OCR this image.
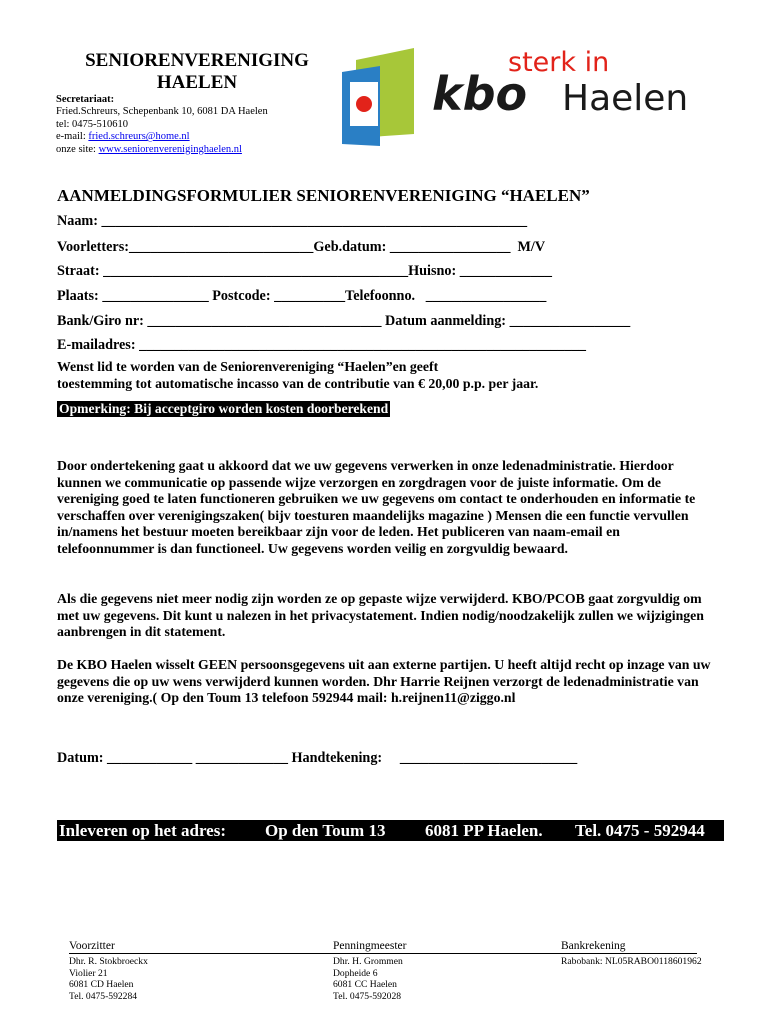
SENIORENVERENIGING
HAELEN
Secretariaat:
Fried.Schreurs, Schepenbank 10, 6081 DA Haelen
tel: 0475-510610
e-mail: fried.schreurs@home.nl
onze site: www.seniorenvereniginghaelen.nl
sterk in
kbo Haelen
AANMELDINGSFORMULIER SENIORENVERENIGING “HAELEN”
Naam: ____________________________________________________________
Voorletters:__________________________Geb.datum: _________________  M/V
Straat: ___________________________________________Huisno: _____________
Plaats: _______________ Postcode: __________Telefoonno.   _________________
Bank/Giro nr: _________________________________ Datum aanmelding: _________________
E-mailadres: _______________________________________________________________
Wenst lid te worden van de Seniorenvereniging “Haelen”en geeft
toestemming tot automatische incasso van de contributie van € 20,00 p.p. per jaar.
Opmerking: Bij acceptgiro worden kosten doorberekend
Door ondertekening gaat u akkoord dat we uw gegevens verwerken in onze ledenadministratie. Hierdoor kunnen we communicatie op passende wijze verzorgen en zorgdragen voor de juiste informatie. Om de vereniging goed te laten functioneren gebruiken we uw gegevens om contact te onderhouden en informatie te verschaffen over verenigingszaken( bijv toesturen maandelijks magazine ) Mensen die een functie vervullen in/namens het bestuur moeten bereikbaar zijn voor de leden. Het publiceren van naam-email en telefoonnummer is dan functioneel. Uw gegevens worden veilig en zorgvuldig bewaard.
Als die gegevens niet meer nodig zijn worden ze op gepaste wijze verwijderd. KBO/PCOB gaat zorgvuldig om met uw gegevens. Dit kunt u nalezen in het privacystatement. Indien nodig/noodzakelijk zullen we wijzigingen aanbrengen in dit statement.
De KBO Haelen wisselt GEEN persoonsgegevens uit aan externe partijen. U heeft altijd recht op inzage van uw gegevens die op uw wens verwijderd kunnen worden. Dhr Harrie Reijnen verzorgt de ledenadministratie van onze vereniging.( Op den Toum 13 telefoon 592944 mail: h.reijnen11@ziggo.nl
Datum: ____________ _____________ Handtekening:     _________________________
Inleveren op het adres: Op den Toum 13 6081 PP Haelen. Tel. 0475 - 592944
Voorzitter	Penningmeester	Bankrekening
Dhr. R. Stokbroeckx
Violier 21
6081 CD Haelen
Tel. 0475-592284
Dhr. H. Grommen
Dopheide 6
6081 CC Haelen
Tel. 0475-592028
Rabobank: NL05RABO0118601962
